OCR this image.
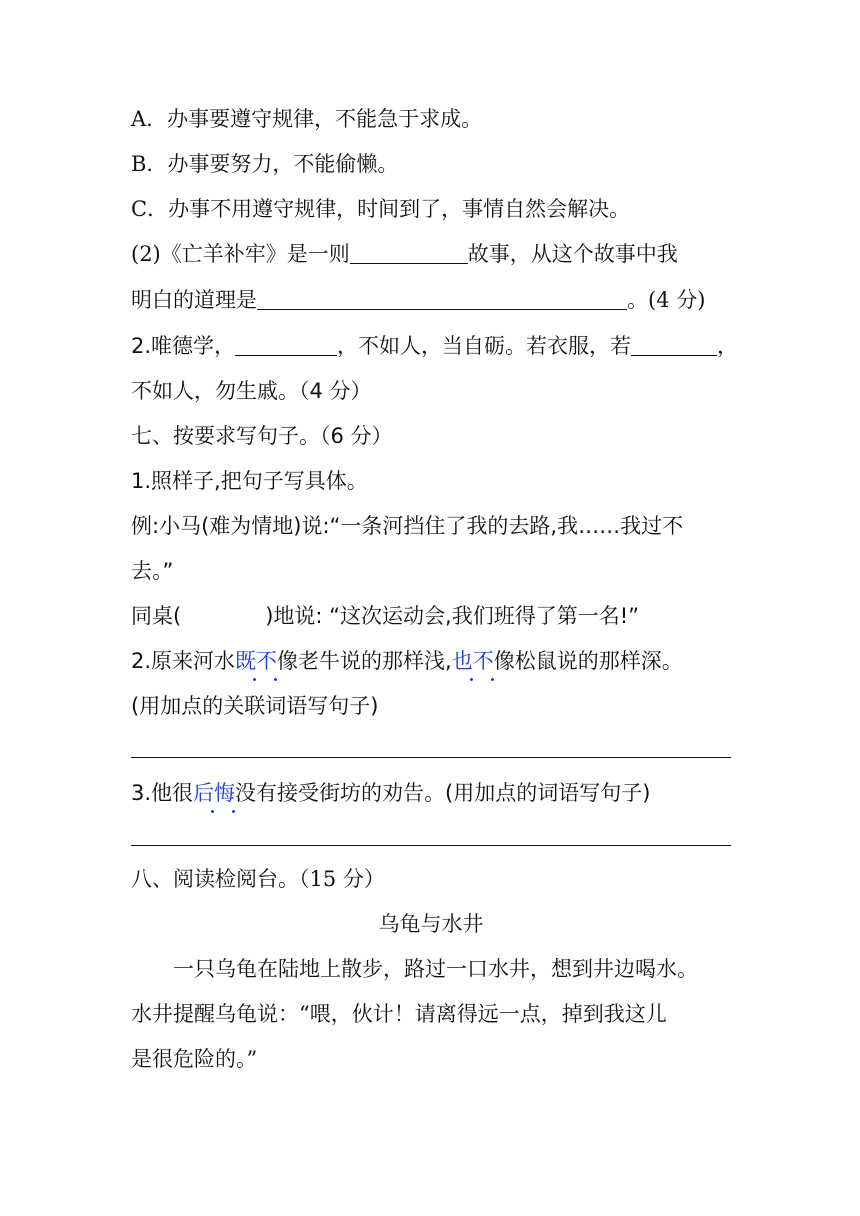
A．办事要遵守规律，不能急于求成。
B．办事要努力，不能偷懒。
C．办事不用遵守规律，时间到了，事情自然会解决。
(2)《亡羊补牢》是一则	故事，从这个故事中我
明白的道理是	。(4 分)
2.唯德学，	，不如人，当自砺。若衣服，若	，
不如人，勿生戚。（4 分）
七、按要求写句子。（6 分）
1.照样子,把句子写具体。
例:小马(难为情地)说:“一条河挡住了我的去路,我……我过不
去。”
同桌(	)地说: “这次运动会,我们班得了第一名!”
2.原来河水既不像老牛说的那样浅,也不像松鼠说的那样深。
(用加点的关联词语写句子)
3.他很后悔没有接受街坊的劝告。(用加点的词语写句子)
八、阅读检阅台。（15 分）
乌龟与水井
一只乌龟在陆地上散步，路过一口水井，想到井边喝水。
水井提醒乌龟说：“喂，伙计！请离得远一点，掉到我这儿
是很危险的。”
